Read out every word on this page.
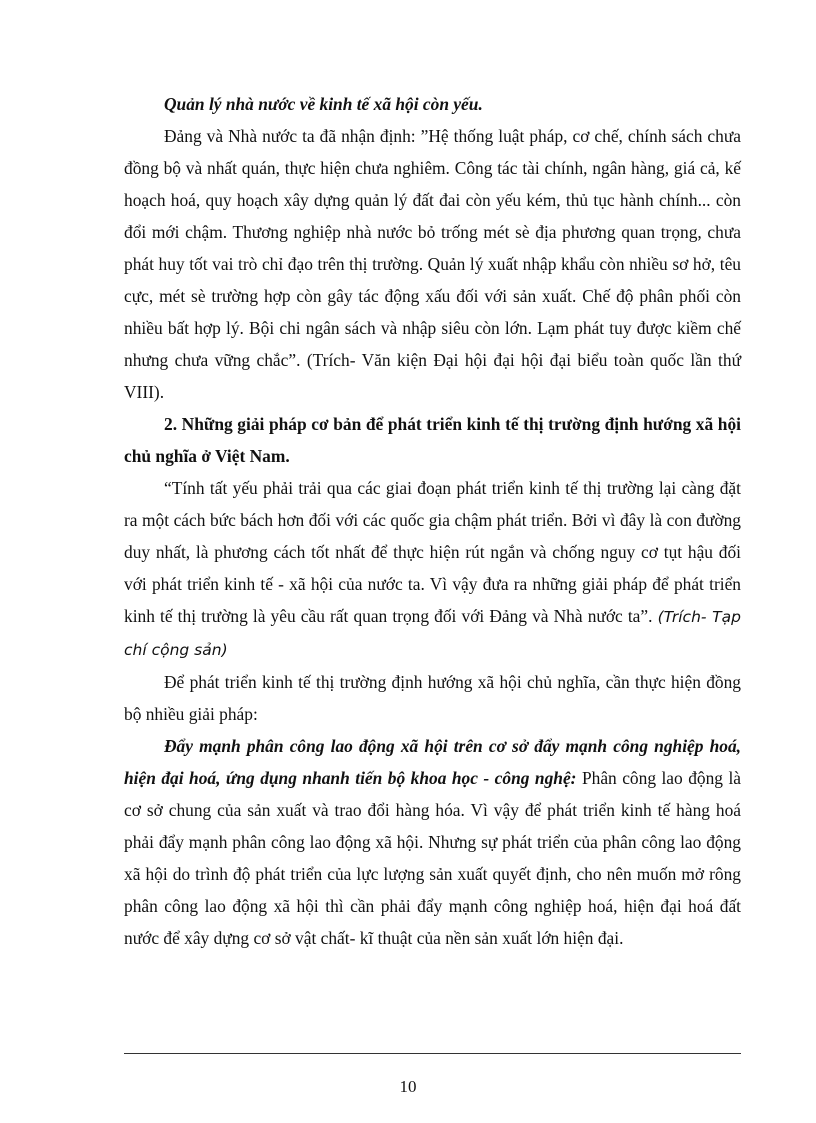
Quản lý nhà nước về kinh tế xã hội còn yếu.

Đảng và Nhà nước ta đã nhận định: ”Hệ thống luật pháp, cơ chế, chính sách chưa đồng bộ và nhất quán, thực hiện chưa nghiêm. Công tác tài chính, ngân hàng, giá cả, kế hoạch hoá, quy hoạch xây dựng quản lý đất đai còn yếu kém, thủ tục hành chính... còn đổi mới chậm. Thương nghiệp nhà nước bỏ trống mét sè địa phương quan trọng, chưa phát huy tốt vai trò chỉ đạo trên thị trường. Quản lý xuất nhập khẩu còn nhiều sơ hở, têu cực, mét sè trường hợp còn gây tác động xấu đối với sản xuất. Chế độ phân phối còn nhiều bất hợp lý. Bội chi ngân sách và nhập siêu còn lớn. Lạm phát tuy được kiềm chế nhưng chưa vững chắc”. (Trích- Văn kiện Đại hội đại hội đại biểu toàn quốc lần thứ VIII).

2. Những giải pháp cơ bản để phát triển kinh tế thị trường định hướng xã hội chủ nghĩa ở Việt Nam.

“Tính tất yếu phải trải qua các giai đoạn phát triển kinh tế thị trường lại càng đặt ra một cách bức bách hơn đối với các quốc gia chậm phát triển. Bởi vì đây là con đường duy nhất, là phương cách tốt nhất để thực hiện rút ngắn và chống nguy cơ tụt hậu đối với phát triển kinh tế - xã hội của nước ta. Vì vậy đưa ra những giải pháp để phát triển kinh tế thị trường là yêu cầu rất quan trọng đối với Đảng và Nhà nước ta”. (Trích- Tạp chí cộng sản)

Để phát triển kinh tế thị trường định hướng xã hội chủ nghĩa, cần thực hiện đồng bộ nhiều giải pháp:

Đẩy mạnh phân công lao động xã hội trên cơ sở đẩy mạnh công nghiệp hoá, hiện đại hoá, ứng dụng nhanh tiến bộ khoa học - công nghệ: Phân công lao động là cơ sở chung của sản xuất và trao đổi hàng hóa. Vì vậy để phát triển kinh tế hàng hoá phải đẩy mạnh phân công lao động xã hội. Nhưng sự phát triển của phân công lao động xã hội do trình độ phát triển của lực lượng sản xuất quyết định, cho nên muốn mở rông phân công lao động xã hội thì cần phải đẩy mạnh công nghiệp hoá, hiện đại hoá đất nước để xây dựng cơ sở vật chất- kĩ thuật của nền sản xuất lớn hiện đại.

10
